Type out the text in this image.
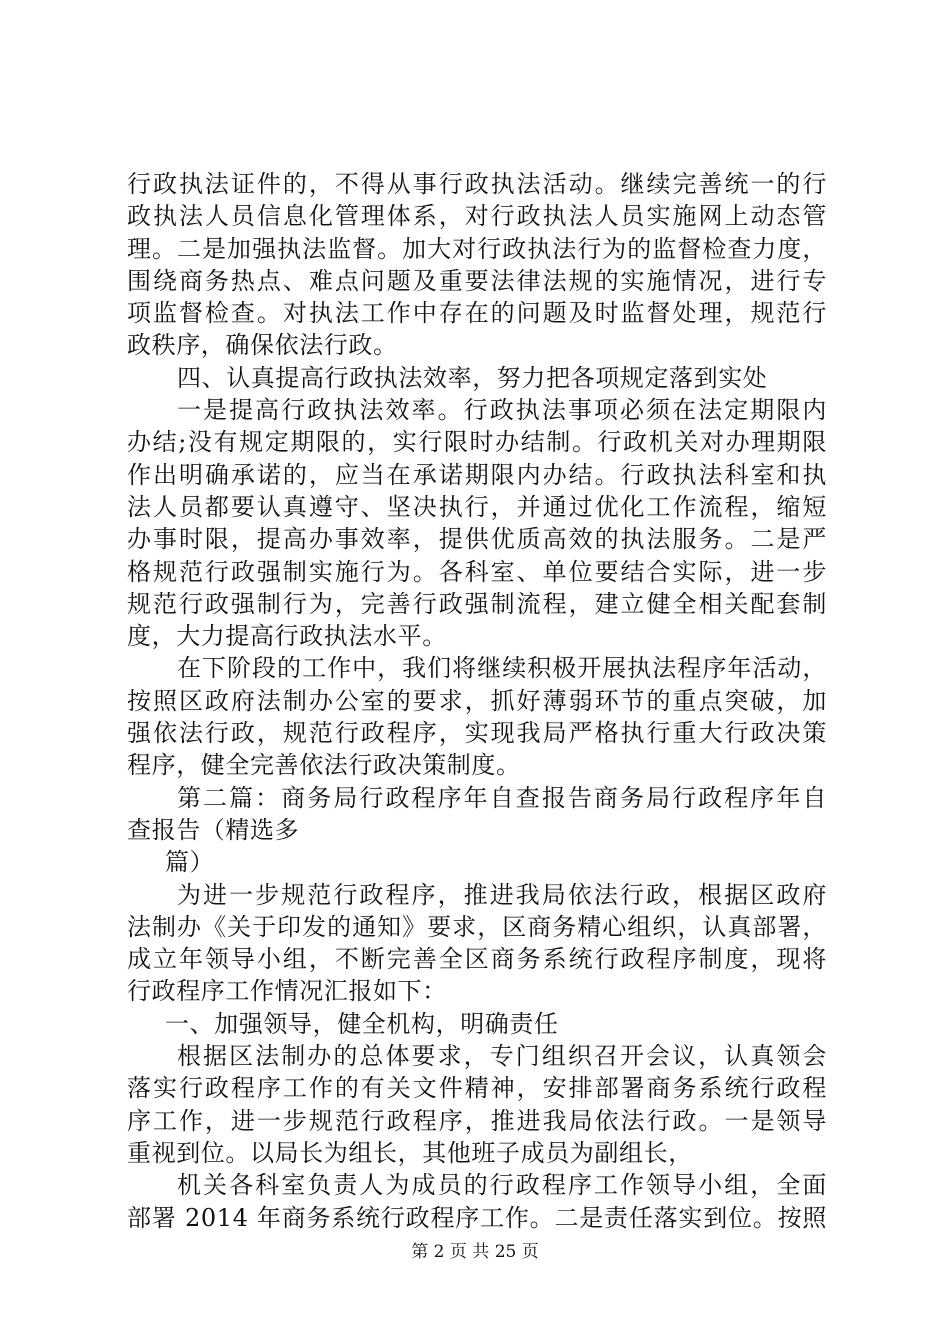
行政执法证件的，不得从事行政执法活动。继续完善统一的行
政执法人员信息化管理体系，对行政执法人员实施网上动态管
理。二是加强执法监督。加大对行政执法行为的监督检查力度，
围绕商务热点、难点问题及重要法律法规的实施情况，进行专
项监督检查。对执法工作中存在的问题及时监督处理，规范行
政秩序，确保依法行政。
四、认真提高行政执法效率，努力把各项规定落到实处
一是提高行政执法效率。行政执法事项必须在法定期限内
办结;没有规定期限的，实行限时办结制。行政机关对办理期限
作出明确承诺的，应当在承诺期限内办结。行政执法科室和执
法人员都要认真遵守、坚决执行，并通过优化工作流程，缩短
办事时限，提高办事效率，提供优质高效的执法服务。二是严
格规范行政强制实施行为。各科室、单位要结合实际，进一步
规范行政强制行为，完善行政强制流程，建立健全相关配套制
度，大力提高行政执法水平。
在下阶段的工作中，我们将继续积极开展执法程序年活动，
按照区政府法制办公室的要求，抓好薄弱环节的重点突破，加
强依法行政，规范行政程序，实现我局严格执行重大行政决策
程序，健全完善依法行政决策制度。
第二篇：商务局行政程序年自查报告商务局行政程序年自
查报告（精选多
篇）
为进一步规范行政程序，推进我局依法行政，根据区政府
法制办《关于印发的通知》要求，区商务精心组织，认真部署，
成立年领导小组，不断完善全区商务系统行政程序制度，现将
行政程序工作情况汇报如下：
一、加强领导，健全机构，明确责任
根据区法制办的总体要求，专门组织召开会议，认真领会
落实行政程序工作的有关文件精神，安排部署商务系统行政程
序工作，进一步规范行政程序，推进我局依法行政。一是领导
重视到位。以局长为组长，其他班子成员为副组长，
机关各科室负责人为成员的行政程序工作领导小组，全面
部署 2014 年商务系统行政程序工作。二是责任落实到位。按照
第 2 页 共 25 页
